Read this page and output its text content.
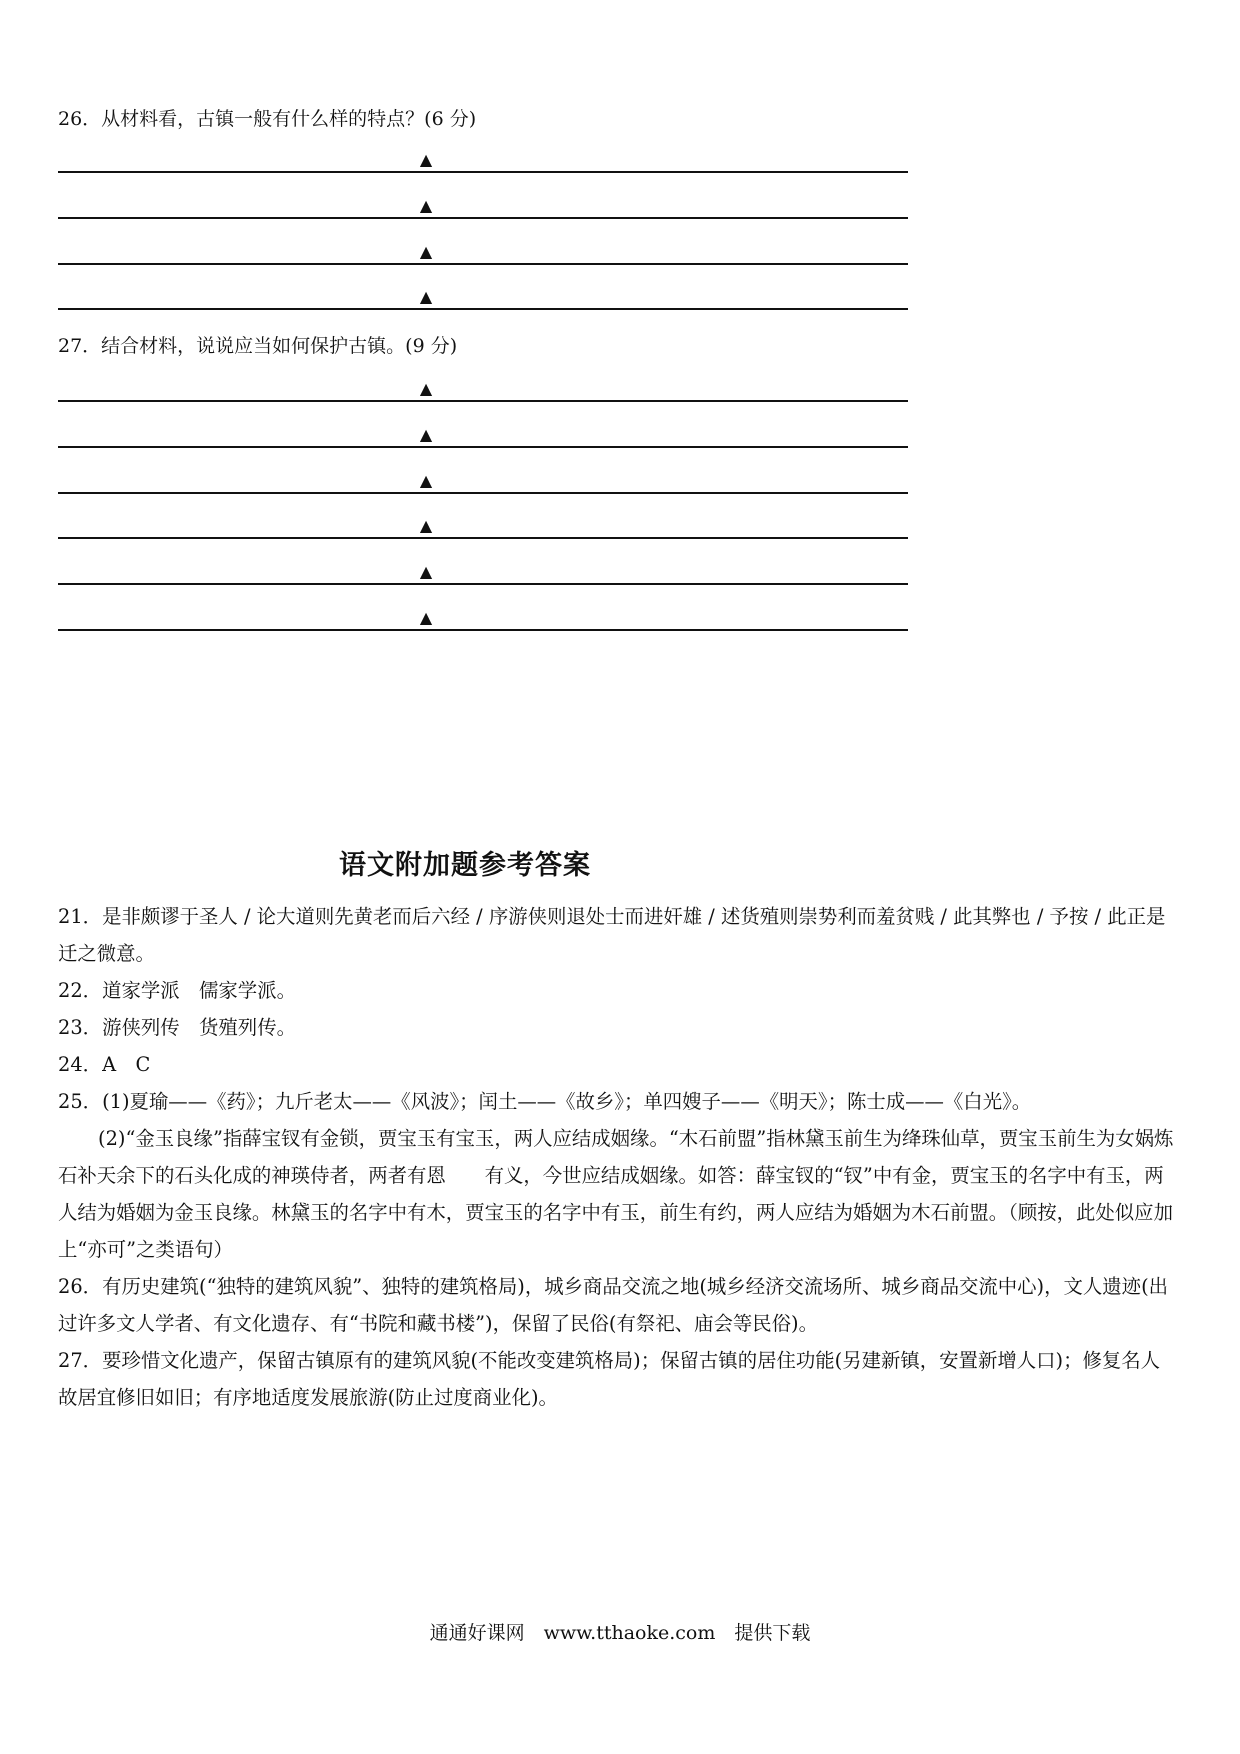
26．从材料看，古镇一般有什么样的特点？(6 分)
▲
▲
▲
▲
27．结合材料，说说应当如何保护古镇。(9 分)
▲
▲
▲
▲
▲
▲
语文附加题参考答案

21．是非颇谬于圣人 / 论大道则先黄老而后六经 / 序游侠则退处士而进奸雄 / 述货殖则崇势利而羞贫贱 / 此其弊也 / 予按 / 此正是迁之微意。

22．道家学派　儒家学派。

23．游侠列传　货殖列传。

24．A　C

25．(1)夏瑜——《药》；九斤老太——《风波》；闰土——《故乡》；单四嫂子——《明天》；陈士成——《白光》。

(2)“金玉良缘”指薛宝钗有金锁，贾宝玉有宝玉，两人应结成姻缘。“木石前盟”指林黛玉前生为绛珠仙草，贾宝玉前生为女娲炼石补天余下的石头化成的神瑛侍者，两者有恩　　有义，今世应结成姻缘。如答：薛宝钗的“钗”中有金，贾宝玉的名字中有玉，两人结为婚姻为金玉良缘。林黛玉的名字中有木，贾宝玉的名字中有玉，前生有约，两人应结为婚姻为木石前盟。（顾按，此处似应加上“亦可”之类语句）

26．有历史建筑(“独特的建筑风貌”、独特的建筑格局)，城乡商品交流之地(城乡经济交流场所、城乡商品交流中心)，文人遗迹(出过许多文人学者、有文化遗存、有“书院和藏书楼”)，保留了民俗(有祭祀、庙会等民俗)。

27．要珍惜文化遗产，保留古镇原有的建筑风貌(不能改变建筑格局)；保留古镇的居住功能(另建新镇，安置新增人口)；修复名人故居宜修旧如旧；有序地适度发展旅游(防止过度商业化)。

通通好课网　www.tthaoke.com　提供下载
